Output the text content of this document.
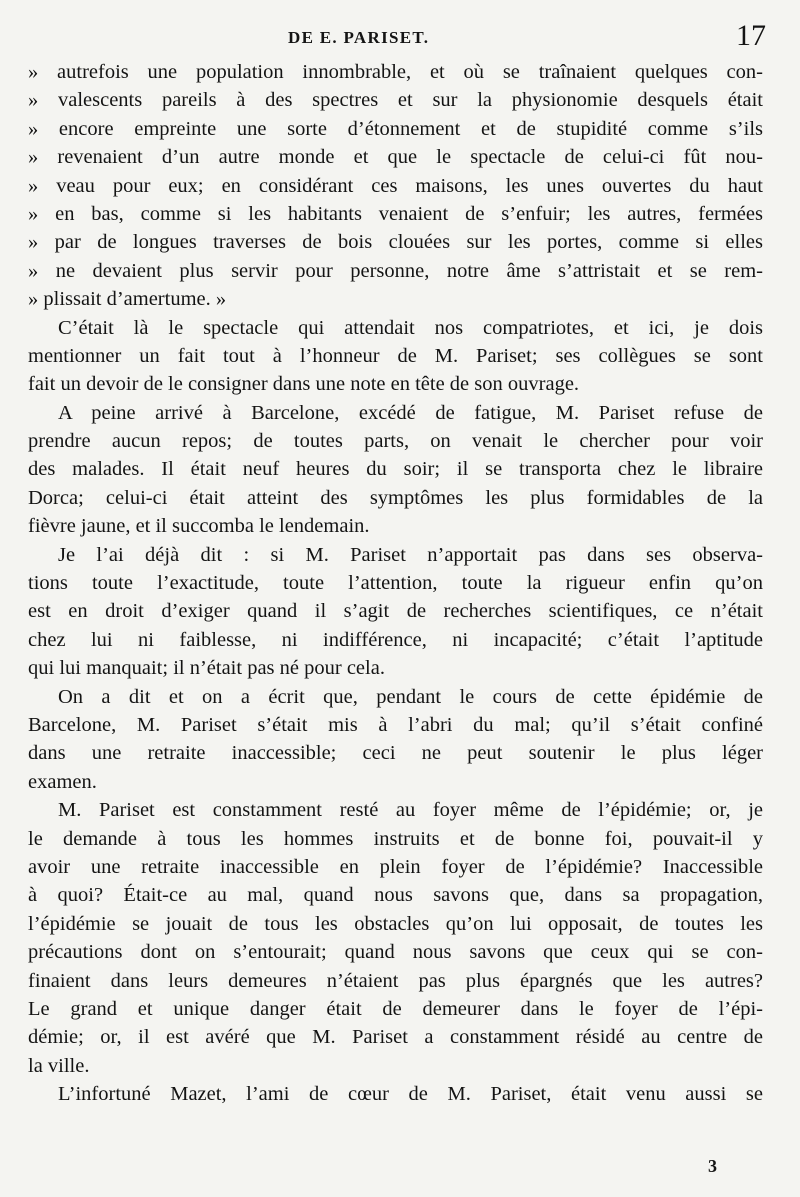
DE E. PARISET.	17
» autrefois une population innombrable, et où se traînaient quelques con-
» valescents pareils à des spectres et sur la physionomie desquels était
» encore empreinte une sorte d’étonnement et de stupidité comme s’ils
» revenaient d’un autre monde et que le spectacle de celui-ci fût nou-
» veau pour eux; en considérant ces maisons, les unes ouvertes du haut
» en bas, comme si les habitants venaient de s’enfuir; les autres, fermées
» par de longues traverses de bois clouées sur les portes, comme si elles
» ne devaient plus servir pour personne, notre âme s’attristait et se rem-
» plissait d’amertume. »
C’était là le spectacle qui attendait nos compatriotes, et ici, je dois
mentionner un fait tout à l’honneur de M. Pariset; ses collègues se sont
fait un devoir de le consigner dans une note en tête de son ouvrage.
A peine arrivé à Barcelone, excédé de fatigue, M. Pariset refuse de
prendre aucun repos; de toutes parts, on venait le chercher pour voir
des malades. Il était neuf heures du soir; il se transporta chez le libraire
Dorca; celui-ci était atteint des symptômes les plus formidables de la
fièvre jaune, et il succomba le lendemain.
Je l’ai déjà dit : si M. Pariset n’apportait pas dans ses observa-
tions toute l’exactitude, toute l’attention, toute la rigueur enfin qu’on
est en droit d’exiger quand il s’agit de recherches scientifiques, ce n’était
chez lui ni faiblesse, ni indifférence, ni incapacité; c’était l’aptitude
qui lui manquait; il n’était pas né pour cela.
On a dit et on a écrit que, pendant le cours de cette épidémie de
Barcelone, M. Pariset s’était mis à l’abri du mal; qu’il s’était confiné
dans une retraite inaccessible; ceci ne peut soutenir le plus léger
examen.
M. Pariset est constamment resté au foyer même de l’épidémie; or, je
le demande à tous les hommes instruits et de bonne foi, pouvait-il y
avoir une retraite inaccessible en plein foyer de l’épidémie? Inaccessible
à quoi? Était-ce au mal, quand nous savons que, dans sa propagation,
l’épidémie se jouait de tous les obstacles qu’on lui opposait, de toutes les
précautions dont on s’entourait; quand nous savons que ceux qui se con-
finaient dans leurs demeures n’étaient pas plus épargnés que les autres?
Le grand et unique danger était de demeurer dans le foyer de l’épi-
démie; or, il est avéré que M. Pariset a constamment résidé au centre de
la ville.
L’infortuné Mazet, l’ami de cœur de M. Pariset, était venu aussi se
3
